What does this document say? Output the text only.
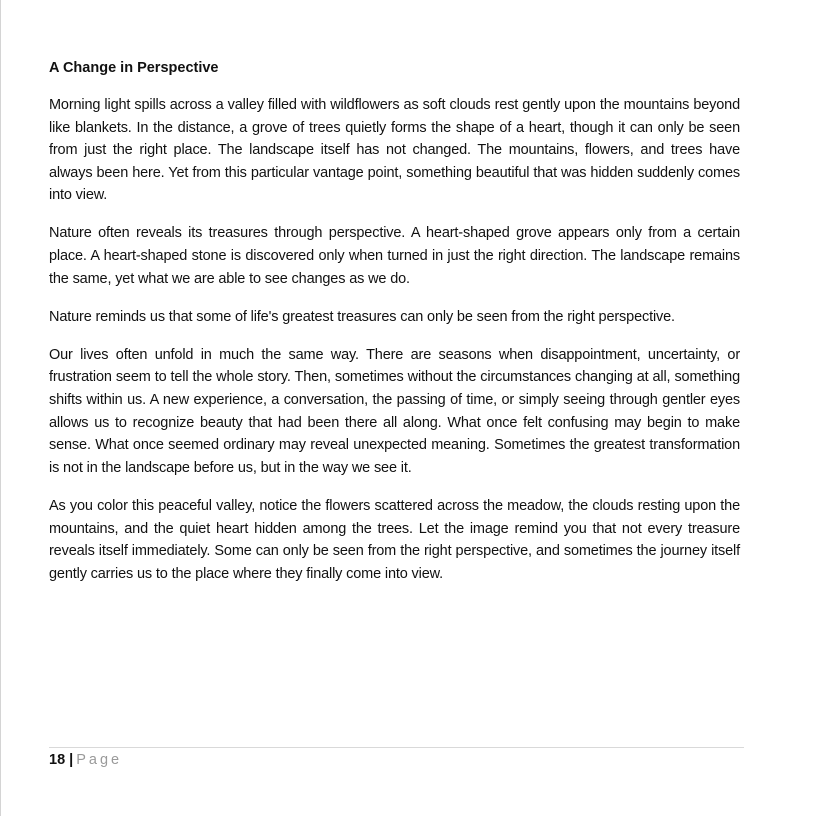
A Change in Perspective

Morning light spills across a valley filled with wildflowers as soft clouds rest gently upon the mountains beyond like blankets. In the distance, a grove of trees quietly forms the shape of a heart, though it can only be seen from just the right place. The landscape itself has not changed. The mountains, flowers, and trees have always been here. Yet from this particular vantage point, something beautiful that was hidden suddenly comes into view.

Nature often reveals its treasures through perspective. A heart-shaped grove appears only from a certain place. A heart-shaped stone is discovered only when turned in just the right direction. The landscape remains the same, yet what we are able to see changes as we do.

Nature reminds us that some of life's greatest treasures can only be seen from the right perspective.

Our lives often unfold in much the same way. There are seasons when disappointment, uncertainty, or frustration seem to tell the whole story. Then, sometimes without the circumstances changing at all, something shifts within us. A new experience, a conversation, the passing of time, or simply seeing through gentler eyes allows us to recognize beauty that had been there all along. What once felt confusing may begin to make sense. What once seemed ordinary may reveal unexpected meaning. Sometimes the greatest transformation is not in the landscape before us, but in the way we see it.

As you color this peaceful valley, notice the flowers scattered across the meadow, the clouds resting upon the mountains, and the quiet heart hidden among the trees. Let the image remind you that not every treasure reveals itself immediately. Some can only be seen from the right perspective, and sometimes the journey itself gently carries us to the place where they finally come into view.

18 | Page
